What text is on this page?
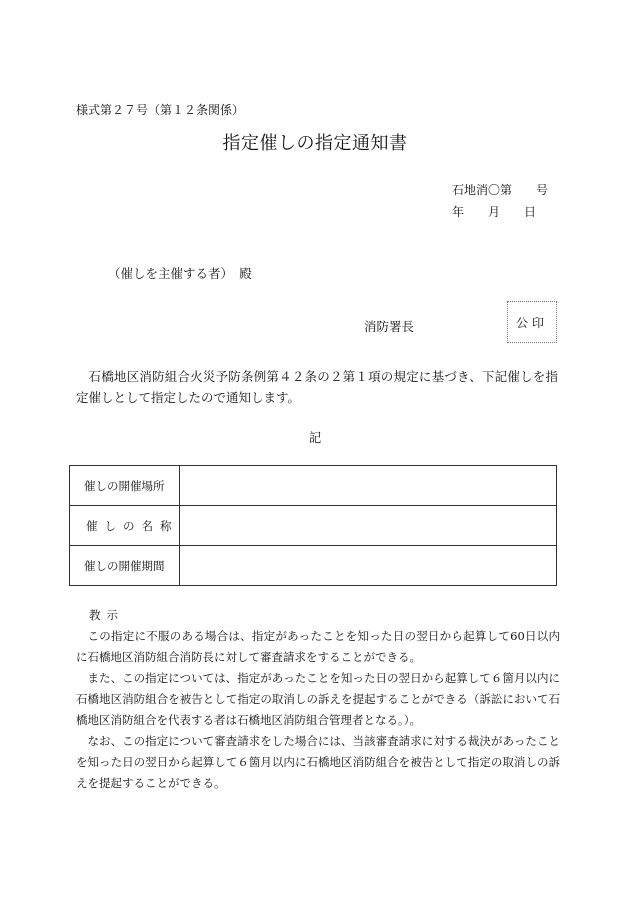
様式第２７号（第１２条関係）
指定催しの指定通知書
石地消〇第　　号
年　　月　　日
（催しを主催する者）　殿
消防署長	公印
石橋地区消防組合火災予防条例第４２条の２第１項の規定に基づき、下記催しを指定催しとして指定したので通知します。
記
催しの開催場所	
催しの名称	
催しの開催期間	
教示

この指定に不服のある場合は、指定があったことを知った日の翌日から起算して60日以内に石橋地区消防組合消防長に対して審査請求をすることができる。

また、この指定については、指定があったことを知った日の翌日から起算して６箇月以内に石橋地区消防組合を被告として指定の取消しの訴えを提起することができる（訴訟において石橋地区消防組合を代表する者は石橋地区消防組合管理者となる。）。

なお、この指定について審査請求をした場合には、当該審査請求に対する裁決があったことを知った日の翌日から起算して６箇月以内に石橋地区消防組合を被告として指定の取消しの訴えを提起することができる。
